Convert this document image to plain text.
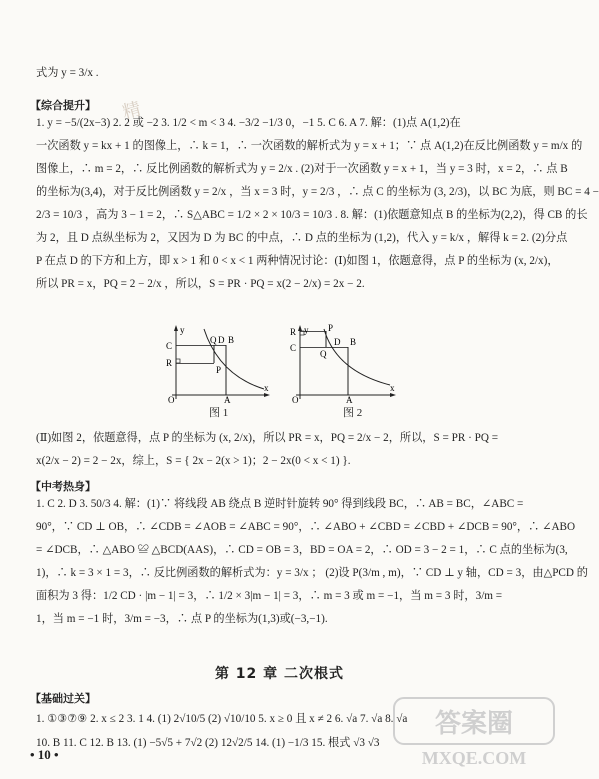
式为 y = 3/x .
【综合提升】 精
1. y = −5/(2x−3) 2. 2 或 −2 3. 1/2 < m < 3 4. −3/2 −1/3 0，−1 5. C 6. A 7. 解：(1)点 A(1,2)在
一次函数 y = kx + 1 的图像上，∴ k = 1，∴ 一次函数的解析式为 y = x + 1；∵ 点 A(1,2)在反比例函数 y = m/x 的
图像上，∴ m = 2，∴ 反比例函数的解析式为 y = 2/x . (2)对于一次函数 y = x + 1，当 y = 3 时，x = 2，∴ 点 B
的坐标为(3,4)，对于反比例函数 y = 2/x ，当 x = 3 时，y = 2/3 ，∴ 点 C 的坐标为 (3, 2/3)，以 BC 为底，则 BC = 4 −
2/3 = 10/3 ，高为 3 − 1 = 2，∴ S△ABC = 1/2 × 2 × 10/3 = 10/3 . 8. 解：(1)依题意知点 B 的坐标为(2,2)，得 CB 的长
为 2，且 D 点纵坐标为 2，又因为 D 为 BC 的中点，∴ D 点的坐标为 (1,2)，代入 y = k/x ，解得 k = 2. (2)分点
P 在点 D 的下方和上方，即 x > 1 和 0 < x < 1 两种情况讨论：(Ⅰ)如图 1，依题意得，点 P 的坐标为 (x, 2/x)，
所以 PR = x，PQ = 2 − 2/x ，所以，S = PR · PQ = x(2 − 2/x) = 2x − 2.
C
R
Q D B
P
A
O
y
x
图 1
C
R
D B
Q
P
A
O
y
x
图 2
(Ⅱ)如图 2，依题意得，点 P 的坐标为 (x, 2/x)，所以 PR = x，PQ = 2/x − 2，所以，S = PR · PQ =
x(2/x − 2) = 2 − 2x，综上，S = { 2x − 2(x > 1)；2 − 2x(0 < x < 1) }.
【中考热身】
1. C 2. D 3. 50/3 4. 解：(1)∵ 将线段 AB 绕点 B 逆时针旋转 90° 得到线段 BC，∴ AB = BC，∠ABC =
90°，∵ CD ⊥ OB，∴ ∠CDB = ∠AOB = ∠ABC = 90°，∴ ∠ABO + ∠CBD = ∠CBD + ∠DCB = 90°，∴ ∠ABO
= ∠DCB，∴ △ABO ≌ △BCD(AAS)，∴ CD = OB = 3，BD = OA = 2，∴ OD = 3 − 2 = 1，∴ C 点的坐标为(3,
1)，∴ k = 3 × 1 = 3，∴ 反比例函数的解析式为：y = 3/x ； (2)设 P(3/m , m)，∵ CD ⊥ y 轴，CD = 3，由△PCD 的
面积为 3 得：1/2 CD · |m − 1| = 3，∴ 1/2 × 3|m − 1| = 3，∴ m = 3 或 m = −1，当 m = 3 时，3/m =
1，当 m = −1 时，3/m = −3，∴ 点 P 的坐标为(1,3)或(−3,−1).
第 12 章 二次根式
【基础过关】
1. ①③⑦⑨ 2. x ≤ 2 3. 1 4. (1) 2√10/5 (2) √10/10 5. x ≥ 0 且 x ≠ 2 6. √a 7. √a 8. √a
10. B 11. C 12. B 13. (1) −5√5 + 7√2 (2) 12√2/5 14. (1) −1/3 15. 根式 √3 √3
• 10 •
答案圈
MXQE.COM
